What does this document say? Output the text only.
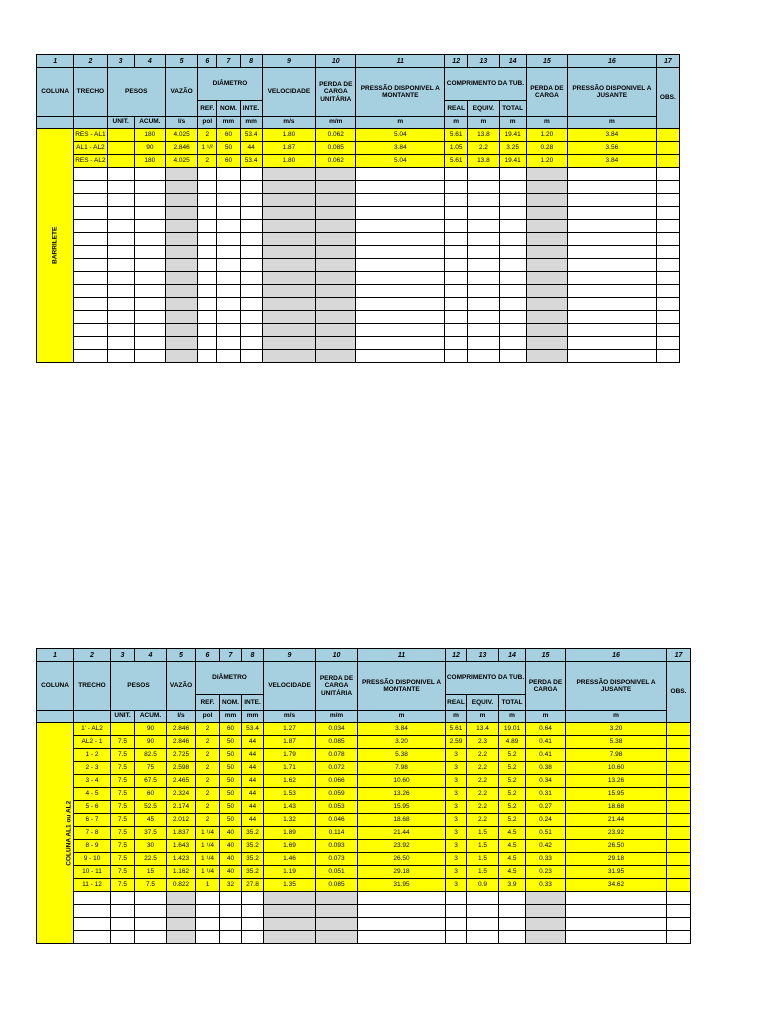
1	2	3	4	5	6	7	8	9	10	11	12	13	14	15	16	17
COLUNA	TRECHO	PESOS		VAZÃO	DIÂMETRO			VELOCIDADE	PERDA DE CARGA UNITÁRIA	PRESSÃO DISPONIVEL A MONTANTE	COMPRIMENTO DA TUB.			PERDA DE CARGA	PRESSÃO DISPONIVEL A JUSANTE	OBS.
					REF.	NOM.	INTE.				REAL	EQUIV.	TOTAL			
		UNIT.	ACUM.	l/s	pol	mm	mm	m/s	m/m	m	m	m	m	m	m	
BARRILETE	RES - AL1		180	4.025	2	60	53.4	1.80	0.062	5.04	5.61	13.8	19.41	1.20	3.84	
	AL1 - AL2		90	2.846	1 ¹/²	50	44	1.87	0.085	3.84	1.05	2.2	3.25	0.28	3.56	
	RES - AL2		180	4.025	2	60	53.4	1.80	0.062	5.04	5.61	13.8	19.41	1.20	3.84	

1	2	3	4	5	6	7	8	9	10	11	12	13	14	15	16	17
COLUNA	TRECHO	PESOS		VAZÃO	DIÂMETRO			VELOCIDADE	PERDA DE CARGA UNITÁRIA	PRESSÃO DISPONIVEL A MONTANTE	COMPRIMENTO DA TUB.			PERDA DE CARGA	PRESSÃO DISPONIVEL A JUSANTE	OBS.
					REF.	NOM.	INTE.				REAL	EQUIV.	TOTAL			
		UNIT.	ACUM.	l/s	pol	mm	mm	m/s	m/m	m	m	m	m	m	m	
COLUNA AL1 ou AL2	1' - AL2		90	2.846	2	60	53.4	1.27	0.034	3.84	5.61	13.4	19.01	0.64	3.20	
	AL2 - 1	7.5	90	2.846	2	50	44	1.87	0.085	3.20	2.59	2.3	4.89	0.41	5.38	
	1 - 2	7.5	82.5	2.725	2	50	44	1.79	0.078	5.38	3	2.2	5.2	0.41	7.98	
	2 - 3	7.5	75	2.598	2	50	44	1.71	0.072	7.98	3	2.2	5.2	0.38	10.60	
	3 - 4	7.5	67.5	2.465	2	50	44	1.62	0.066	10.60	3	2.2	5.2	0.34	13.26	
	4 - 5	7.5	60	2.324	2	50	44	1.53	0.059	13.26	3	2.2	5.2	0.31	15.95	
	5 - 6	7.5	52.5	2.174	2	50	44	1.43	0.053	15.95	3	2.2	5.2	0.27	18.68	
	6 - 7	7.5	45	2.012	2	50	44	1.32	0.046	18.68	3	2.2	5.2	0.24	21.44	
	7 - 8	7.5	37.5	1.837	1 ¹/4	40	35.2	1.89	0.114	21.44	3	1.5	4.5	0.51	23.92	
	8 - 9	7.5	30	1.643	1 ¹/4	40	35.2	1.69	0.093	23.92	3	1.5	4.5	0.42	26.50	
	9 - 10	7.5	22.5	1.423	1 ¹/4	40	35.2	1.46	0.073	26.50	3	1.5	4.5	0.33	29.18	
	10 - 11	7.5	15	1.162	1 ¹/4	40	35.2	1.19	0.051	29.18	3	1.5	4.5	0.23	31.95	
	11 - 12	7.5	7.5	0.822	1	32	27.8	1.35	0.085	31.95	3	0.9	3.9	0.33	34.62	
